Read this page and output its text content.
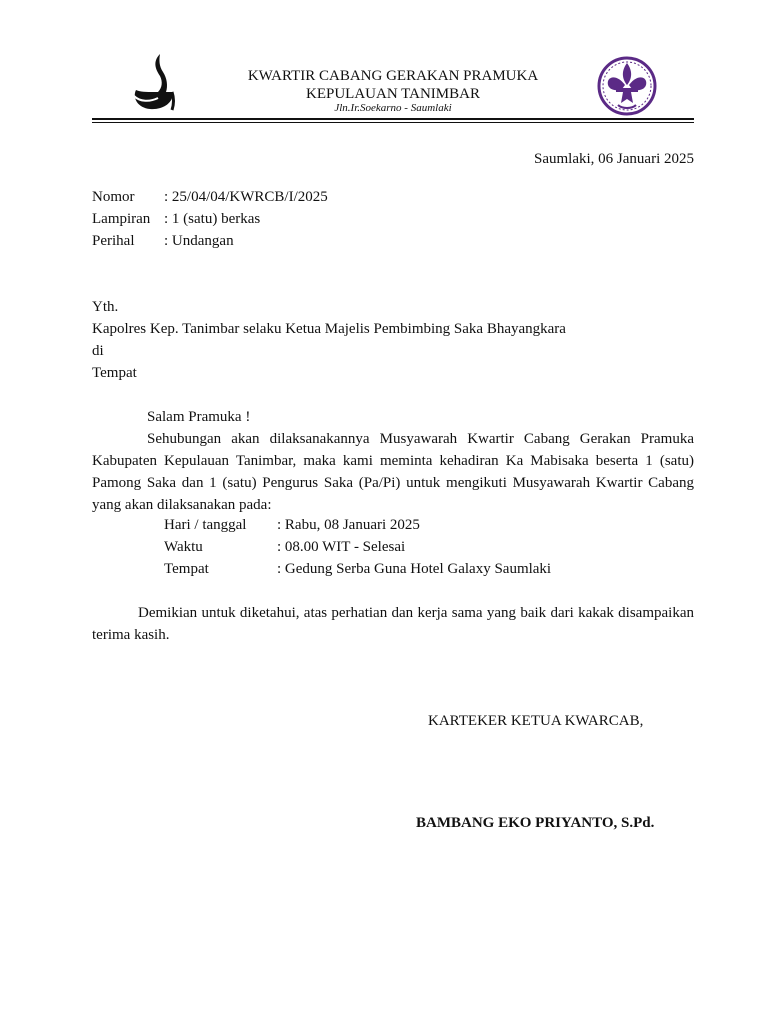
KWARTIR CABANG GERAKAN PRAMUKA
KEPULAUAN TANIMBAR
Jln.Ir.Soekarno - Saumlaki
Saumlaki, 06 Januari 2025
Nomor : 25/04/04/KWRCB/I/2025
Lampiran : 1 (satu) berkas
Perihal : Undangan
Yth.
Kapolres Kep. Tanimbar selaku Ketua Majelis Pembimbing Saka Bhayangkara
di
Tempat
Salam Pramuka !
Sehubungan akan dilaksanakannya Musyawarah Kwartir Cabang Gerakan Pramuka Kabupaten Kepulauan Tanimbar, maka kami meminta kehadiran Ka Mabisaka beserta 1 (satu) Pamong Saka dan 1 (satu) Pengurus Saka (Pa/Pi) untuk mengikuti Musyawarah Kwartir Cabang yang akan dilaksanakan pada:
Hari / tanggal : Rabu, 08 Januari 2025
Waktu	: 08.00 WIT - Selesai
Tempat	: Gedung Serba Guna Hotel Galaxy Saumlaki
Demikian untuk diketahui, atas perhatian dan kerja sama yang baik dari kakak disampaikan terima kasih.
KARTEKER KETUA KWARCAB,
BAMBANG EKO PRIYANTO, S.Pd.
